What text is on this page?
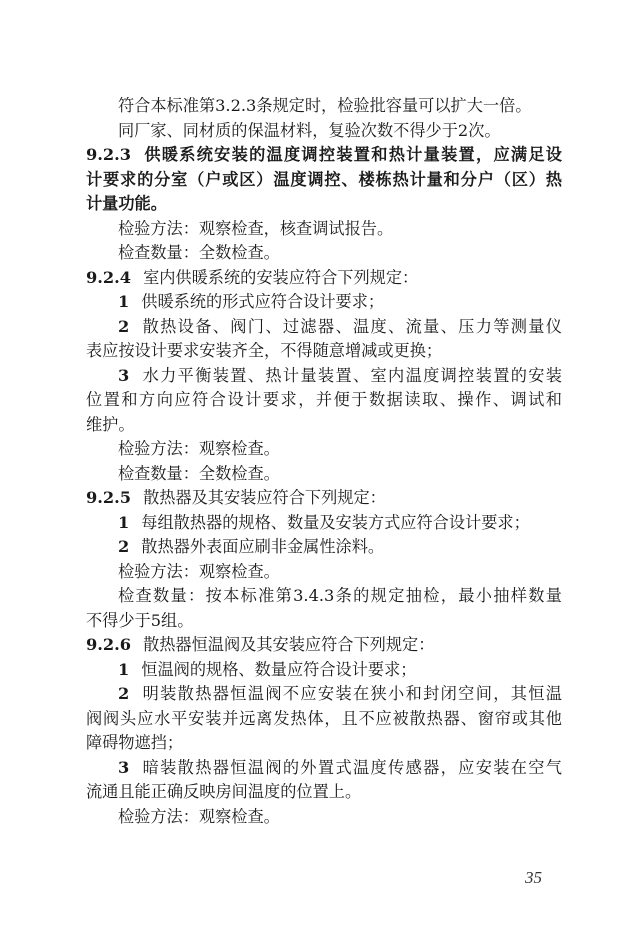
符合本标准第3.2.3条规定时，检验批容量可以扩大一倍。
同厂家、同材质的保温材料，复验次数不得少于2次。
9.2.3 供暖系统安装的温度调控装置和热计量装置，应满足设
计要求的分室（户或区）温度调控、楼栋热计量和分户（区）热
计量功能。
检验方法：观察检查，核查调试报告。
检查数量：全数检查。
9.2.4 室内供暖系统的安装应符合下列规定：
1 供暖系统的形式应符合设计要求；
2 散热设备、阀门、过滤器、温度、流量、压力等测量仪
表应按设计要求安装齐全，不得随意增减或更换；
3 水力平衡装置、热计量装置、室内温度调控装置的安装
位置和方向应符合设计要求，并便于数据读取、操作、调试和
维护。
检验方法：观察检查。
检查数量：全数检查。
9.2.5 散热器及其安装应符合下列规定：
1 每组散热器的规格、数量及安装方式应符合设计要求；
2 散热器外表面应刷非金属性涂料。
检验方法：观察检查。
检查数量：按本标准第3.4.3条的规定抽检，最小抽样数量
不得少于5组。
9.2.6 散热器恒温阀及其安装应符合下列规定：
1 恒温阀的规格、数量应符合设计要求；
2 明装散热器恒温阀不应安装在狭小和封闭空间，其恒温
阀阀头应水平安装并远离发热体，且不应被散热器、窗帘或其他
障碍物遮挡；
3 暗装散热器恒温阀的外置式温度传感器，应安装在空气
流通且能正确反映房间温度的位置上。
检验方法：观察检查。
35
